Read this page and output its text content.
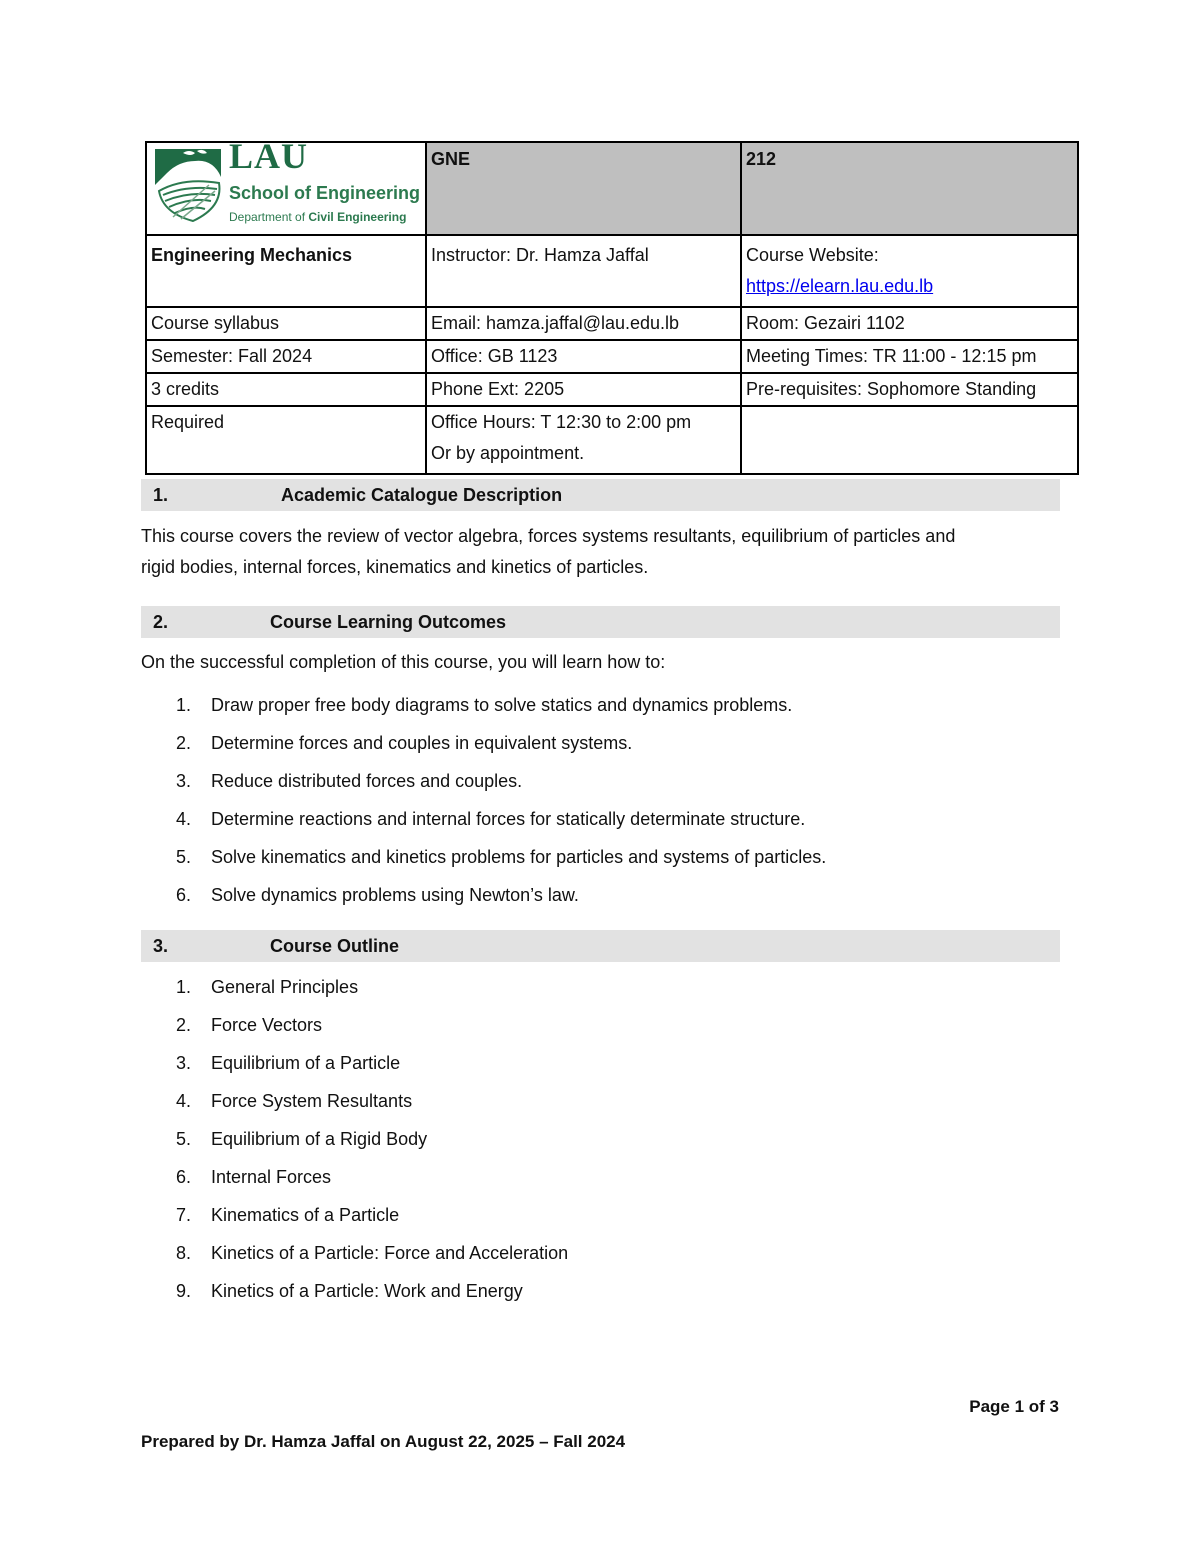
LAU
School of Engineering
Department of Civil Engineering	GNE	212
Engineering Mechanics	Instructor: Dr. Hamza Jaffal	Course Website:
https://elearn.lau.edu.lb
Course syllabus	Email: hamza.jaffal@lau.edu.lb	Room: Gezairi 1102
Semester: Fall 2024	Office: GB 1123	Meeting Times: TR 11:00 - 12:15 pm
3 credits	Phone Ext: 2205	Pre-requisites: Sophomore Standing
Required	Office Hours: T 12:30 to 2:00 pm
Or by appointment.	

1.	Academic Catalogue Description
This course covers the review of vector algebra, forces systems resultants, equilibrium of particles and
rigid bodies, internal forces, kinematics and kinetics of particles.
2.	Course Learning Outcomes
On the successful completion of this course, you will learn how to:
1. Draw proper free body diagrams to solve statics and dynamics problems.
2. Determine forces and couples in equivalent systems.
3. Reduce distributed forces and couples.
4. Determine reactions and internal forces for statically determinate structure.
5. Solve kinematics and kinetics problems for particles and systems of particles.
6. Solve dynamics problems using Newton’s law.
3.	Course Outline
1. General Principles
2. Force Vectors
3. Equilibrium of a Particle
4. Force System Resultants
5. Equilibrium of a Rigid Body
6. Internal Forces
7. Kinematics of a Particle
8. Kinetics of a Particle: Force and Acceleration
9. Kinetics of a Particle: Work and Energy
Page 1 of 3
Prepared by Dr. Hamza Jaffal on August 22, 2025 – Fall 2024
